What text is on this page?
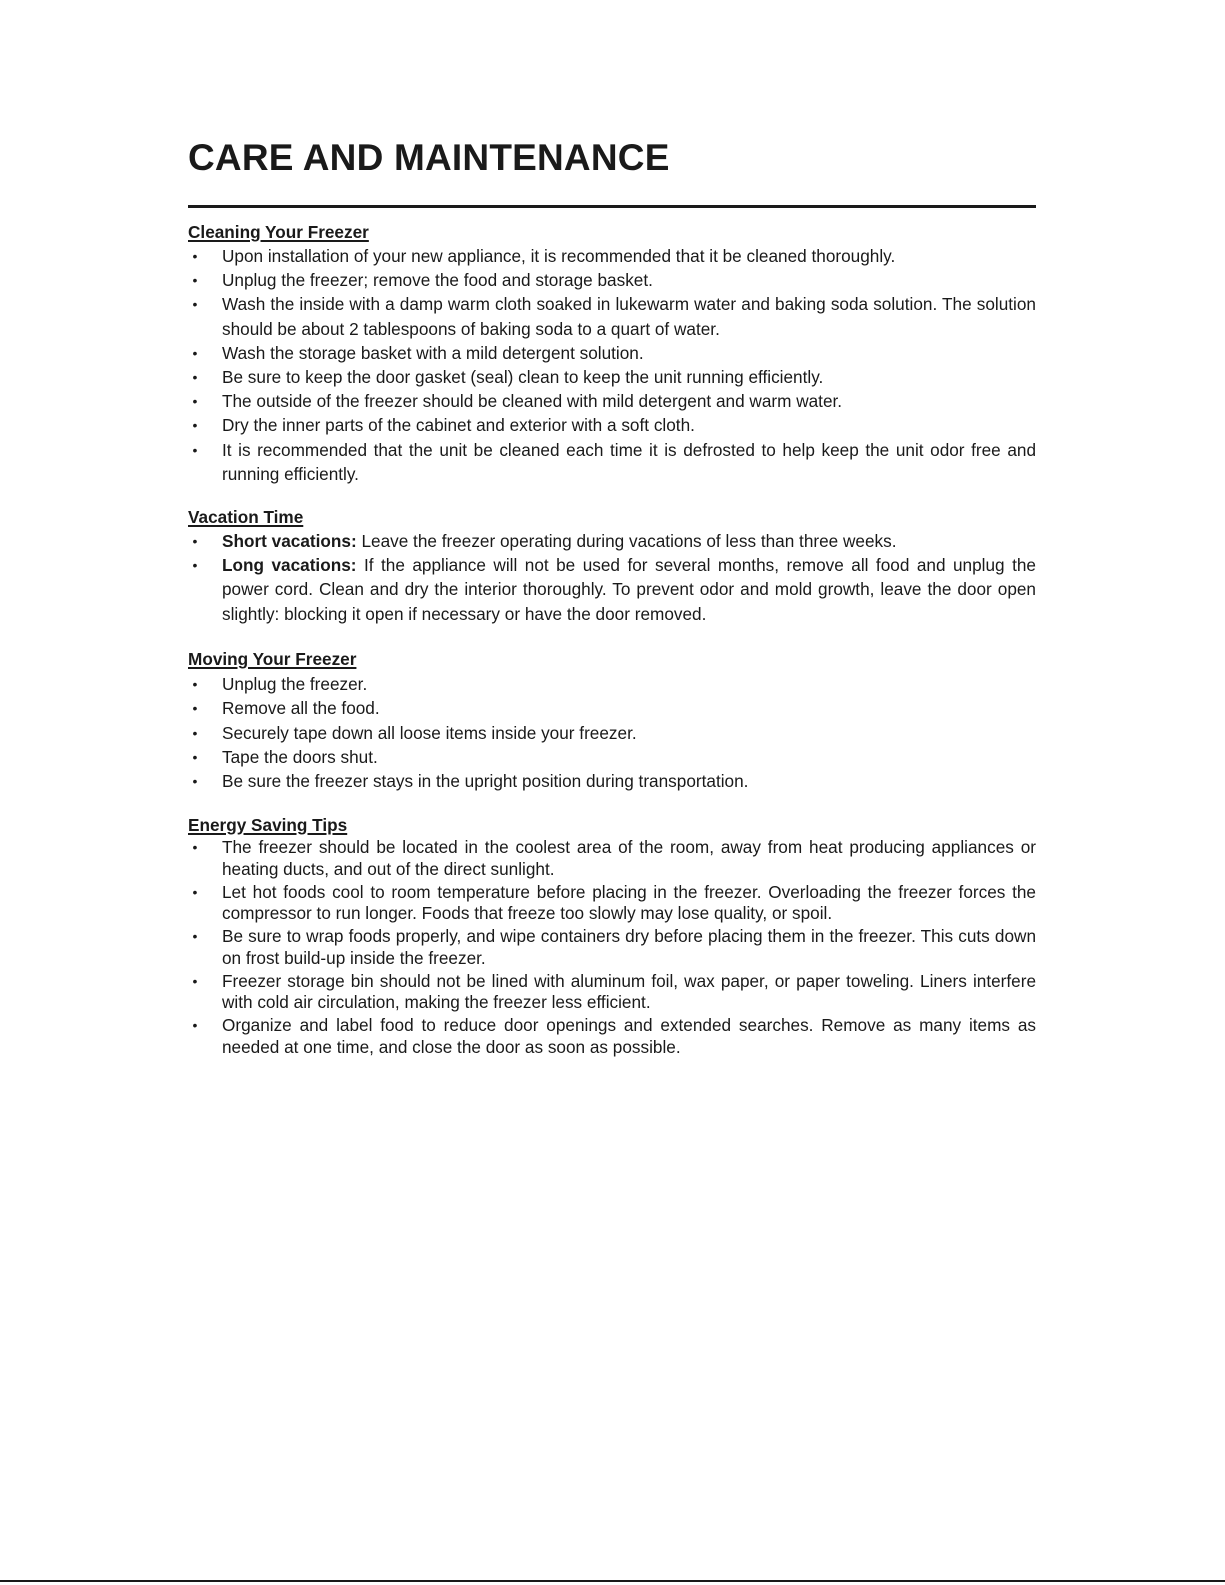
CARE AND MAINTENANCE
Cleaning Your Freezer
• Upon installation of your new appliance, it is recommended that it be cleaned thoroughly.
• Unplug the freezer; remove the food and storage basket.
• Wash the inside with a damp warm cloth soaked in lukewarm water and baking soda solution. The solution should be about 2 tablespoons of baking soda to a quart of water.
• Wash the storage basket with a mild detergent solution.
• Be sure to keep the door gasket (seal) clean to keep the unit running efficiently.
• The outside of the freezer should be cleaned with mild detergent and warm water.
• Dry the inner parts of the cabinet and exterior with a soft cloth.
• It is recommended that the unit be cleaned each time it is defrosted to help keep the unit odor free and running efficiently.
Vacation Time
• Short vacations: Leave the freezer operating during vacations of less than three weeks.
• Long vacations: If the appliance will not be used for several months, remove all food and unplug the power cord. Clean and dry the interior thoroughly. To prevent odor and mold growth, leave the door open slightly: blocking it open if necessary or have the door removed.
Moving Your Freezer
• Unplug the freezer.
• Remove all the food.
• Securely tape down all loose items inside your freezer.
• Tape the doors shut.
• Be sure the freezer stays in the upright position during transportation.
Energy Saving Tips
• The freezer should be located in the coolest area of the room, away from heat producing appliances or heating ducts, and out of the direct sunlight.
• Let hot foods cool to room temperature before placing in the freezer. Overloading the freezer forces the compressor to run longer. Foods that freeze too slowly may lose quality, or spoil.
• Be sure to wrap foods properly, and wipe containers dry before placing them in the freezer. This cuts down on frost build-up inside the freezer.
• Freezer storage bin should not be lined with aluminum foil, wax paper, or paper toweling. Liners interfere with cold air circulation, making the freezer less efficient.
• Organize and label food to reduce door openings and extended searches. Remove as many items as needed at one time, and close the door as soon as possible.
